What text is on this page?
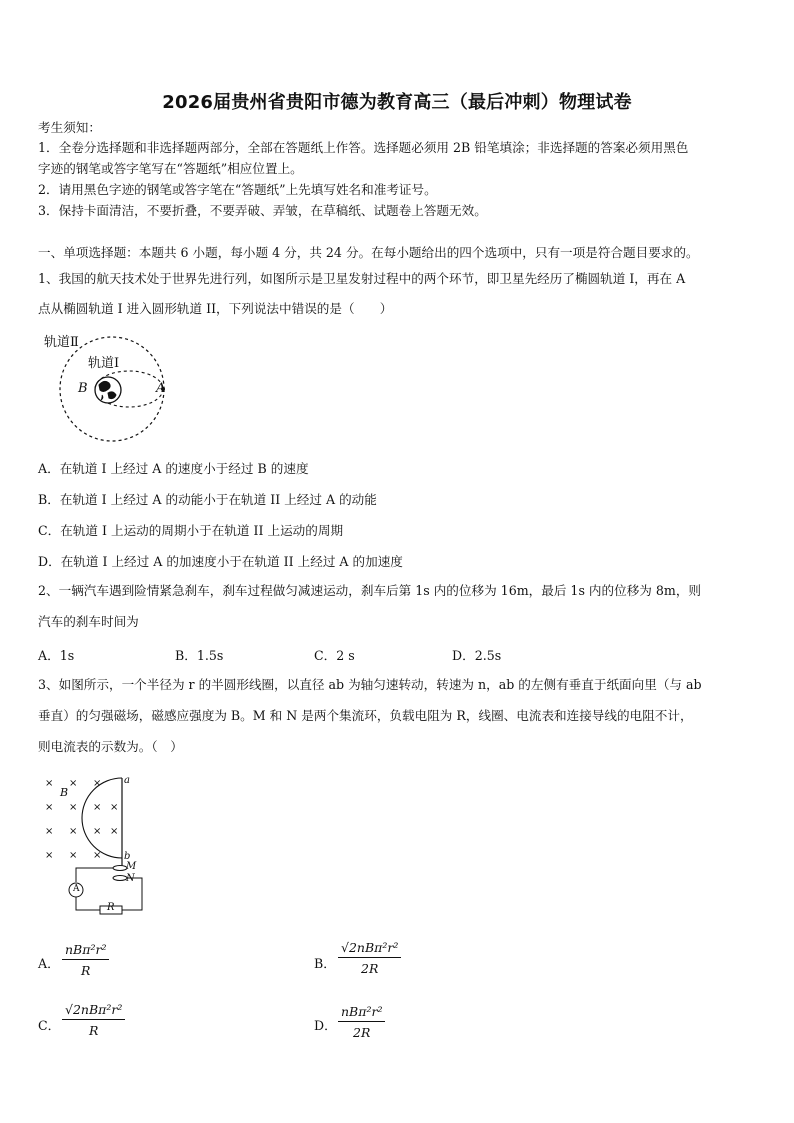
2026届贵州省贵阳市德为教育高三（最后冲刺）物理试卷
考生须知：
1．全卷分选择题和非选择题两部分，全部在答题纸上作答。选择题必须用 2B 铅笔填涂；非选择题的答案必须用黑色
字迹的钢笔或答字笔写在“答题纸”相应位置上。
2．请用黑色字迹的钢笔或答字笔在“答题纸”上先填写姓名和准考证号。
3．保持卡面清洁，不要折叠，不要弄破、弄皱，在草稿纸、试题卷上答题无效。
一、单项选择题：本题共 6 小题，每小题 4 分，共 24 分。在每小题给出的四个选项中，只有一项是符合题目要求的。
1、我国的航天技术处于世界先进行列，如图所示是卫星发射过程中的两个环节，即卫星先经历了椭圆轨道 I，再在 A
点从椭圆轨道 I 进入圆形轨道 II，下列说法中错误的是（　　）
轨道Ⅱ
轨道Ⅰ
B	A
A．在轨道 I 上经过 A 的速度小于经过 B 的速度
B．在轨道 I 上经过 A 的动能小于在轨道 II 上经过 A 的动能
C．在轨道 I 上运动的周期小于在轨道 II 上运动的周期
D．在轨道 I 上经过 A 的加速度小于在轨道 II 上经过 A 的加速度
2、一辆汽车遇到险情紧急刹车，刹车过程做匀减速运动，刹车后第 1s 内的位移为 16m，最后 1s 内的位移为 8m，则
汽车的刹车时间为
A．1s	B．1.5s	C．2 s	D．2.5s
3、如图所示，一个半径为 r 的半圆形线圈，以直径 ab 为轴匀速转动，转速为 n，ab 的左侧有垂直于纸面向里（与 ab
垂直）的匀强磁场，磁感应强度为 B。M 和 N 是两个集流环，负载电阻为 R，线圈、电流表和连接导线的电阻不计，
则电流表的示数为。（　）
× × ×
× × × ×
× × × ×
× × ×
B
a
b
M
N
A
R
A．
nBπ²r²
R	B．
√2nBπ²r²
2R
C．
√2nBπ²r²
R	D．
nBπ²r²
2R
